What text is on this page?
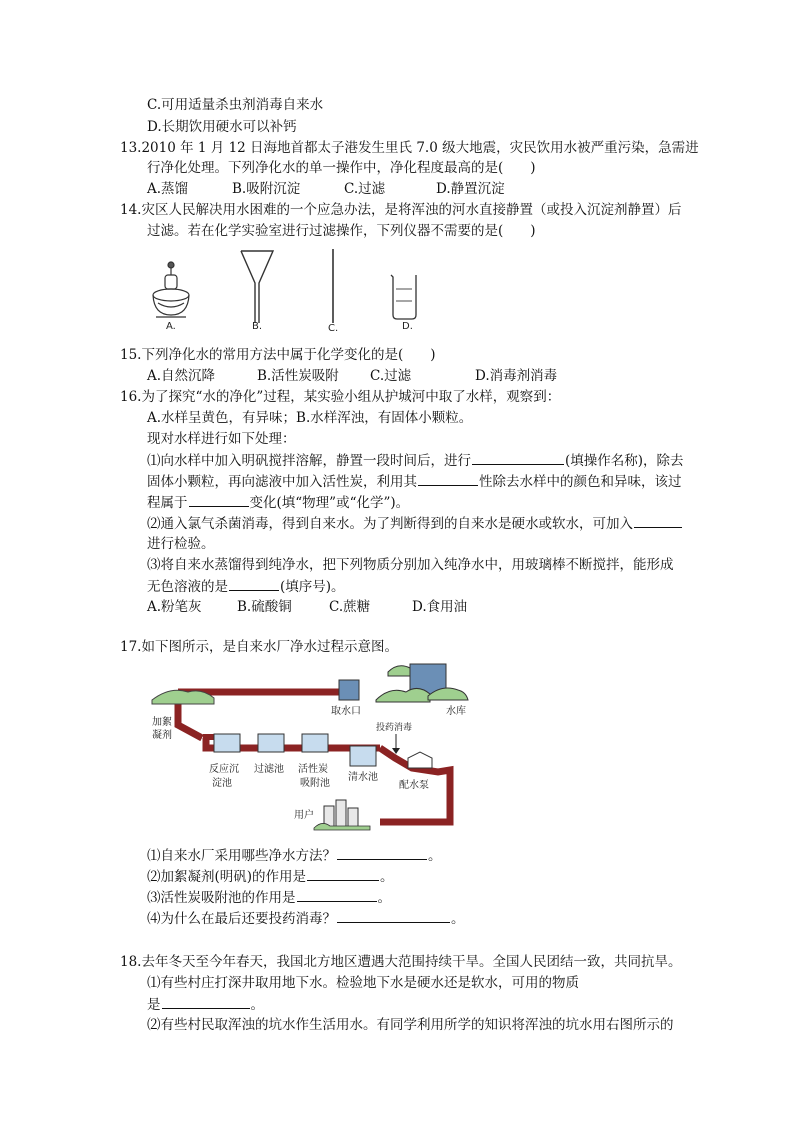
C.可用适量杀虫剂消毒自来水
D.长期饮用硬水可以补钙
13.2010 年 1 月 12 日海地首都太子港发生里氏 7.0 级大地震，灾民饮用水被严重污染，急需进
行净化处理。下列净化水的单一操作中，净化程度最高的是(　　)
A.蒸馏	B.吸附沉淀	C.过滤	D.静置沉淀
14.灾区人民解决用水困难的一个应急办法，是将浑浊的河水直接静置（或投入沉淀剂静置）后
过滤。若在化学实验室进行过滤操作，下列仪器不需要的是(　　)
A.	B.	C.	D.
15.下列净化水的常用方法中属于化学变化的是(　　)
A.自然沉降	B.活性炭吸附 C.过滤	D.消毒剂消毒
16.为了探究“水的净化”过程，某实验小组从护城河中取了水样，观察到：
A.水样呈黄色，有异味；B.水样浑浊，有固体小颗粒。
现对水样进行如下处理：
⑴向水样中加入明矾搅拌溶解，静置一段时间后，进行	(填操作名称)，除去
固体小颗粒，再向滤液中加入活性炭，利用其	性除去水样中的颜色和异味，该过
程属于	变化(填“物理”或“化学”)。
⑵通入氯气杀菌消毒，得到自来水。为了判断得到的自来水是硬水或软水，可加入
进行检验。
⑶将自来水蒸馏得到纯净水，把下列物质分别加入纯净水中，用玻璃棒不断搅拌，能形成
无色溶液的是	(填序号)。
A.粉笔灰	B.硫酸铜	C.蔗糖	D.食用油
17.如下图所示，是自来水厂净水过程示意图。
加絮
凝剂
取水口	水库
投药消毒
配水泵
反应沉
淀池
过滤池 活性炭
吸附池
清水池
用户
⑴自来水厂采用哪些净水方法？	。
⑵加絮凝剂(明矾)的作用是	。
⑶活性炭吸附池的作用是	。
⑷为什么在最后还要投药消毒？	。
18.去年冬天至今年春天，我国北方地区遭遇大范围持续干旱。全国人民团结一致，共同抗旱。
⑴有些村庄打深井取用地下水。检验地下水是硬水还是软水，可用的物质
是	。
⑵有些村民取浑浊的坑水作生活用水。有同学利用所学的知识将浑浊的坑水用右图所示的
